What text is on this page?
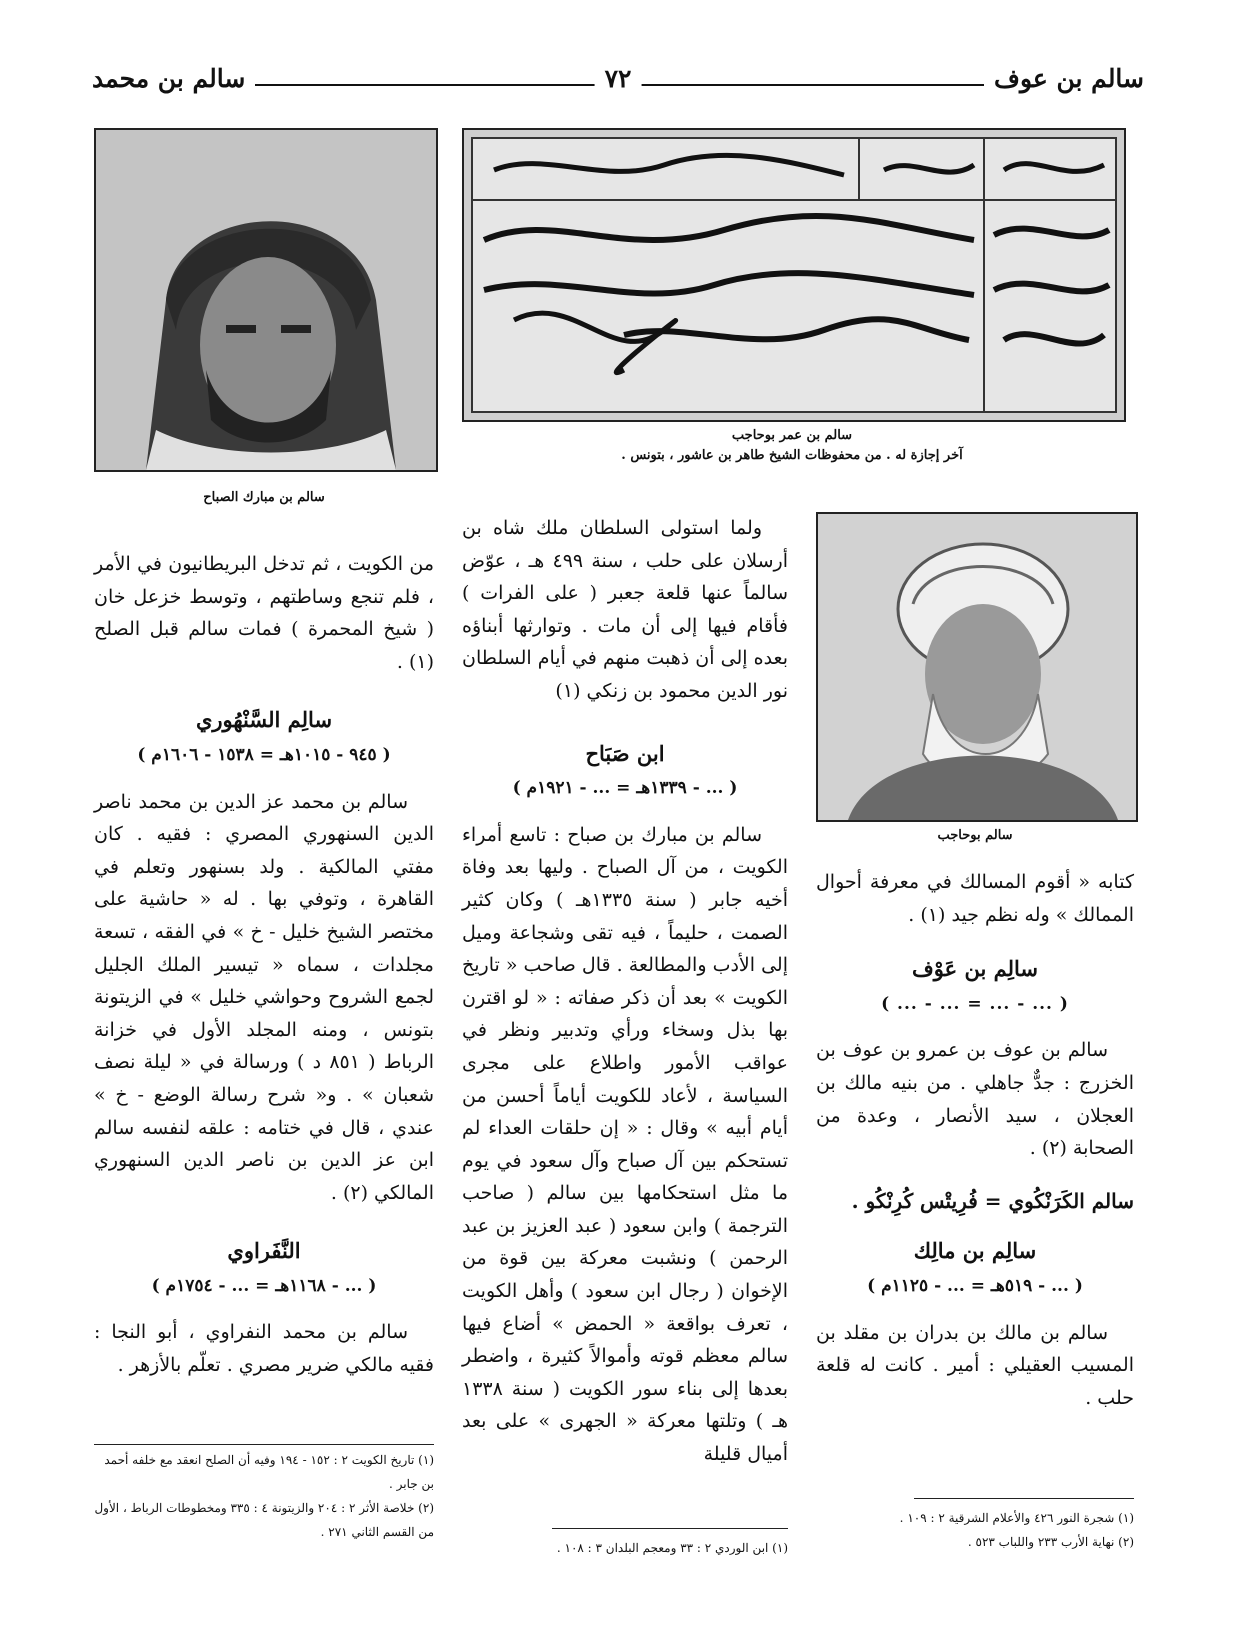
سالم بن عوف
٧٢
سالم بن محمد
سالم بن عمر بوحاجب
آخر إجازة له . من محفوظات الشيخ طاهر بن عاشور ، بتونس .
سالم بن مبارك الصباح
سالم بوحاجب

كتابه « أقوم المسالك في معرفة أحوال الممالك » وله نظم جيد (١) .

سالِم بن عَوْف
( ... - ... = ... - ... )

سالم بن عوف بن عمرو بن عوف بن الخزرج : جدٌّ جاهلي . من بنيه مالك بن العجلان ، سيد الأنصار ، وعدة من الصحابة (٢) .

سالم الكَرَنْكُوي = فُرِيتْس كُرِنْكُو .
سالِم بن مالِك
( ... - ٥١٩هـ = ... - ١١٢٥م )

سالم بن مالك بن بدران بن مقلد بن المسيب العقيلي : أمير . كانت له قلعة حلب .

(١) شجرة النور ٤٢٦ والأعلام الشرقية ٢ : ١٠٩ .
(٢) نهاية الأرب ٢٣٣ واللباب ٥٢٣ .

ولما استولى السلطان ملك شاه بن أرسلان على حلب ، سنة ٤٩٩ هـ ، عوّض سالماً عنها قلعة جعبر ( على الفرات ) فأقام فيها إلى أن مات . وتوارثها أبناؤه بعده إلى أن ذهبت منهم في أيام السلطان نور الدين محمود بن زنكي (١)

ابن صَبَاح
( ... - ١٣٣٩هـ = ... - ١٩٢١م )

سالم بن مبارك بن صباح : تاسع أمراء الكويت ، من آل الصباح . وليها بعد وفاة أخيه جابر ( سنة ١٣٣٥هـ ) وكان كثير الصمت ، حليماً ، فيه تقى وشجاعة وميل إلى الأدب والمطالعة . قال صاحب « تاريخ الكويت » بعد أن ذكر صفاته : « لو اقترن بها بذل وسخاء ورأي وتدبير ونظر في عواقب الأمور واطلاع على مجرى السياسة ، لأعاد للكويت أياماً أحسن من أيام أبيه » وقال : « إن حلقات العداء لم تستحكم بين آل صباح وآل سعود في يوم ما مثل استحكامها بين سالم ( صاحب الترجمة ) وابن سعود ( عبد العزيز بن عبد الرحمن ) ونشبت معركة بين قوة من الإخوان ( رجال ابن سعود ) وأهل الكويت ، تعرف بواقعة « الحمض » أضاع فيها سالم معظم قوته وأموالاً كثيرة ، واضطر بعدها إلى بناء سور الكويت ( سنة ١٣٣٨ هـ ) وتلتها معركة « الجهرى » على بعد أميال قليلة

(١) ابن الوردي ٢ : ٣٣ ومعجم البلدان ٣ : ١٠٨ .

من الكويت ، ثم تدخل البريطانيون في الأمر ، فلم تنجع وساطتهم ، وتوسط خزعل خان ( شيخ المحمرة ) فمات سالم قبل الصلح (١) .

سالِم السَّنْهُوري
( ٩٤٥ - ١٠١٥هـ = ١٥٣٨ - ١٦٠٦م )

سالم بن محمد عز الدين بن محمد ناصر الدين السنهوري المصري : فقيه . كان مفتي المالكية . ولد بسنهور وتعلم في القاهرة ، وتوفي بها . له « حاشية على مختصر الشيخ خليل - خ » في الفقه ، تسعة مجلدات ، سماه « تيسير الملك الجليل لجمع الشروح وحواشي خليل » في الزيتونة بتونس ، ومنه المجلد الأول في خزانة الرباط ( ٨٥١ د ) ورسالة في « ليلة نصف شعبان » . و« شرح رسالة الوضع - خ » عندي ، قال في ختامه : علقه لنفسه سالم ابن عز الدين بن ناصر الدين السنهوري المالكي (٢) .

النَّفَراوي
( ... - ١١٦٨هـ = ... - ١٧٥٤م )

سالم بن محمد النفراوي ، أبو النجا : فقيه مالكي ضرير مصري . تعلّم بالأزهر .

(١) تاريخ الكويت ٢ : ١٥٢ - ١٩٤ وفيه أن الصلح انعقد مع خلفه أحمد بن جابر .
(٢) خلاصة الأثر ٢ : ٢٠٤ والزيتونة ٤ : ٣٣٥ ومخطوطات الرباط ، الأول من القسم الثاني ٢٧١ .
